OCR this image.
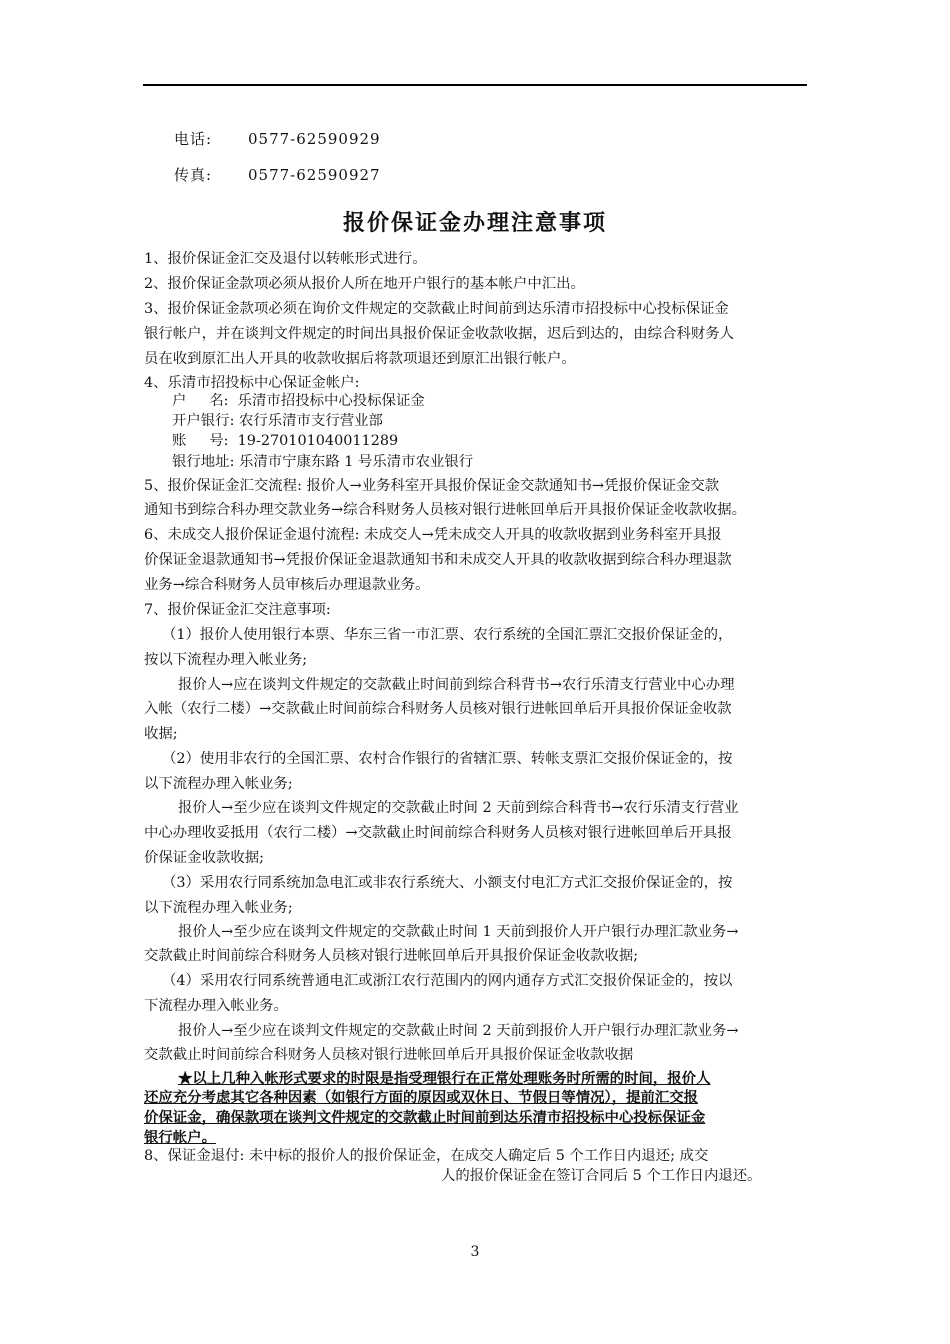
电话: 0577-62590929
传真: 0577-62590927
报价保证金办理注意事项
1、报价保证金汇交及退付以转帐形式进行。
2、报价保证金款项必须从报价人所在地开户银行的基本帐户中汇出。
3、报价保证金款项必须在询价文件规定的交款截止时间前到达乐清市招投标中心投标保证金
银行帐户，并在谈判文件规定的时间出具报价保证金收款收据，迟后到达的，由综合科财务人
员在收到原汇出人开具的收款收据后将款项退还到原汇出银行帐户。
4、乐清市招投标中心保证金帐户:
户     名:  乐清市招投标中心投标保证金
开户银行: 农行乐清市支行营业部
账     号:  19-270101040011289
银行地址: 乐清市宁康东路 1 号乐清市农业银行
5、报价保证金汇交流程: 报价人→业务科室开具报价保证金交款通知书→凭报价保证金交款
通知书到综合科办理交款业务→综合科财务人员核对银行进帐回单后开具报价保证金收款收据。
6、未成交人报价保证金退付流程: 未成交人→凭未成交人开具的收款收据到业务科室开具报
价保证金退款通知书→凭报价保证金退款通知书和未成交人开具的收款收据到综合科办理退款
业务→综合科财务人员审核后办理退款业务。
7、报价保证金汇交注意事项:
（1）报价人使用银行本票、华东三省一市汇票、农行系统的全国汇票汇交报价保证金的，
按以下流程办理入帐业务;
报价人→应在谈判文件规定的交款截止时间前到综合科背书→农行乐清支行营业中心办理
入帐（农行二楼）→交款截止时间前综合科财务人员核对银行进帐回单后开具报价保证金收款
收据;
（2）使用非农行的全国汇票、农村合作银行的省辖汇票、转帐支票汇交报价保证金的，按
以下流程办理入帐业务;
报价人→至少应在谈判文件规定的交款截止时间 2 天前到综合科背书→农行乐清支行营业
中心办理收妥抵用（农行二楼）→交款截止时间前综合科财务人员核对银行进帐回单后开具报
价保证金收款收据;
（3）采用农行同系统加急电汇或非农行系统大、小额支付电汇方式汇交报价保证金的，按
以下流程办理入帐业务;
报价人→至少应在谈判文件规定的交款截止时间 1 天前到报价人开户银行办理汇款业务→
交款截止时间前综合科财务人员核对银行进帐回单后开具报价保证金收款收据;
（4）采用农行同系统普通电汇或浙江农行范围内的网内通存方式汇交报价保证金的，按以
下流程办理入帐业务。
报价人→至少应在谈判文件规定的交款截止时间 2 天前到报价人开户银行办理汇款业务→
交款截止时间前综合科财务人员核对银行进帐回单后开具报价保证金收款收据
★以上几种入帐形式要求的时限是指受理银行在正常处理账务时所需的时间，报价人
还应充分考虑其它各种因素（如银行方面的原因或双休日、节假日等情况），提前汇交报
价保证金，确保款项在谈判文件规定的交款截止时间前到达乐清市招投标中心投标保证金
银行帐户。
8、保证金退付: 未中标的报价人的报价保证金，在成交人确定后 5 个工作日内退还; 成交
人的报价保证金在签订合同后 5 个工作日内退还。
3
